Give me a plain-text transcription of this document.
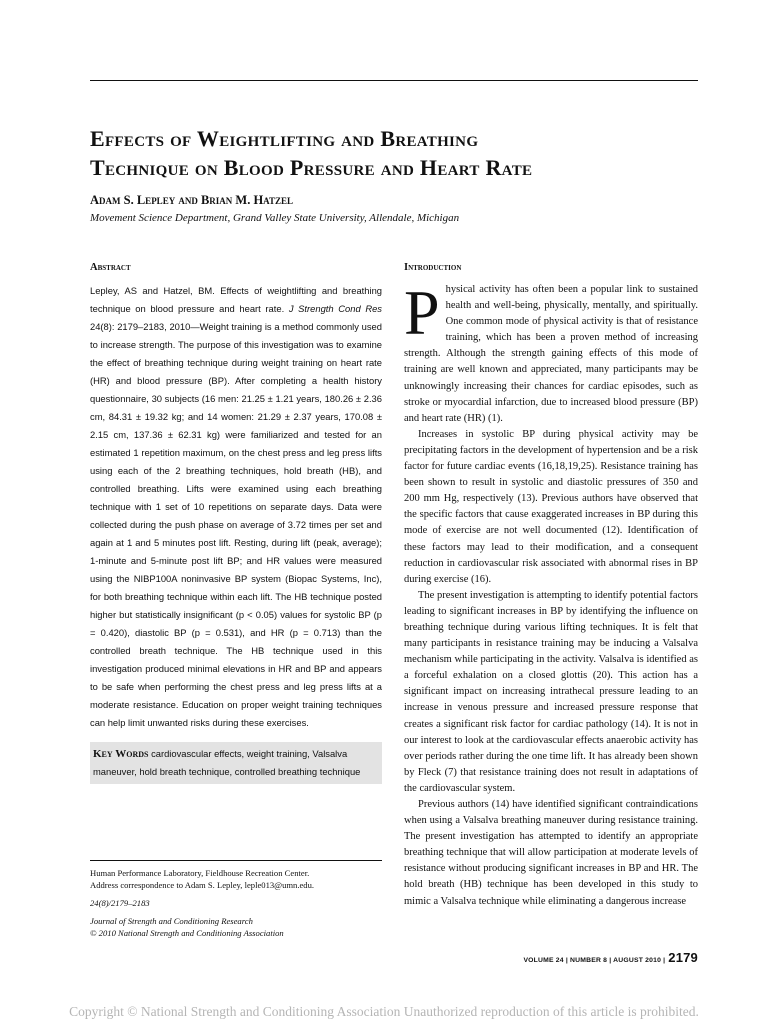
Effects of Weightlifting and Breathing
Technique on Blood Pressure and Heart Rate
Adam S. Lepley and Brian M. Hatzel
Movement Science Department, Grand Valley State University, Allendale, Michigan
Abstract

Lepley, AS and Hatzel, BM. Effects of weightlifting and breathing technique on blood pressure and heart rate. J Strength Cond Res 24(8): 2179–2183, 2010—Weight training is a method commonly used to increase strength. The purpose of this investigation was to examine the effect of breathing technique during weight training on heart rate (HR) and blood pressure (BP). After completing a health history questionnaire, 30 subjects (16 men: 21.25 ± 1.21 years, 180.26 ± 2.36 cm, 84.31 ± 19.32 kg; and 14 women: 21.29 ± 2.37 years, 170.08 ± 2.15 cm, 137.36 ± 62.31 kg) were familiarized and tested for an estimated 1 repetition maximum, on the chest press and leg press lifts using each of the 2 breathing techniques, hold breath (HB), and controlled breathing. Lifts were examined using each breathing technique with 1 set of 10 repetitions on separate days. Data were collected during the push phase on average of 3.72 times per set and again at 1 and 5 minutes post lift. Resting, during lift (peak, average); 1-minute and 5-minute post lift BP; and HR values were measured using the NIBP100A noninvasive BP system (Biopac Systems, Inc), for both breathing technique within each lift. The HB technique posted higher but statistically insignificant (p < 0.05) values for systolic BP (p = 0.420), diastolic BP (p = 0.531), and HR (p = 0.713) than the controlled breath technique. The HB technique used in this investigation produced minimal elevations in HR and BP and appears to be safe when performing the chest press and leg press lifts at a moderate resistance. Education on proper weight training techniques can help limit unwanted risks during these exercises.

Key Words cardiovascular effects, weight training, Valsalva maneuver, hold breath technique, controlled breathing technique
Human Performance Laboratory, Fieldhouse Recreation Center.
Address correspondence to Adam S. Lepley, leple013@umn.edu.
24(8)/2179–2183
Journal of Strength and Conditioning Research
© 2010 National Strength and Conditioning Association
Introduction

Physical activity has often been a popular link to sustained health and well-being, physically, mentally, and spiritually. One common mode of physical activity is that of resistance training, which has been a proven method of increasing strength. Although the strength gaining effects of this mode of training are well known and appreciated, many participants may be unknowingly increasing their chances for cardiac episodes, such as stroke or myocardial infarction, due to increased blood pressure (BP) and heart rate (HR) (1).

Increases in systolic BP during physical activity may be precipitating factors in the development of hypertension and be a risk factor for future cardiac events (16,18,19,25). Resistance training has been shown to result in systolic and diastolic pressures of 350 and 200 mm Hg, respectively (13). Previous authors have observed that the specific factors that cause exaggerated increases in BP during this mode of exercise are not well documented (12). Identification of these factors may lead to their modification, and a consequent reduction in cardiovascular risk associated with abnormal rises in BP during exercise (16).

The present investigation is attempting to identify potential factors leading to significant increases in BP by identifying the influence on breathing technique during various lifting techniques. It is felt that many participants in resistance training may be inducing a Valsalva mechanism while participating in the activity. Valsalva is identified as a forceful exhalation on a closed glottis (20). This action has a significant impact on increasing intrathecal pressure leading to an increase in venous pressure and increased pressure response that creates a significant risk factor for cardiac pathology (14). It is not in our interest to look at the cardiovascular effects anaerobic activity has over periods rather during the one time lift. It has already been shown by Fleck (7) that resistance training does not result in adaptations of the cardiovascular system.

Previous authors (14) have identified significant contraindications when using a Valsalva breathing maneuver during resistance training. The present investigation has attempted to identify an appropriate breathing technique that will allow participation at moderate levels of resistance without producing significant increases in BP and HR. The hold breath (HB) technique has been developed in this study to mimic a Valsalva technique while eliminating a dangerous increase

VOLUME 24 | NUMBER 8 | AUGUST 2010 | 2179
Copyright © National Strength and Conditioning Association Unauthorized reproduction of this article is prohibited.
